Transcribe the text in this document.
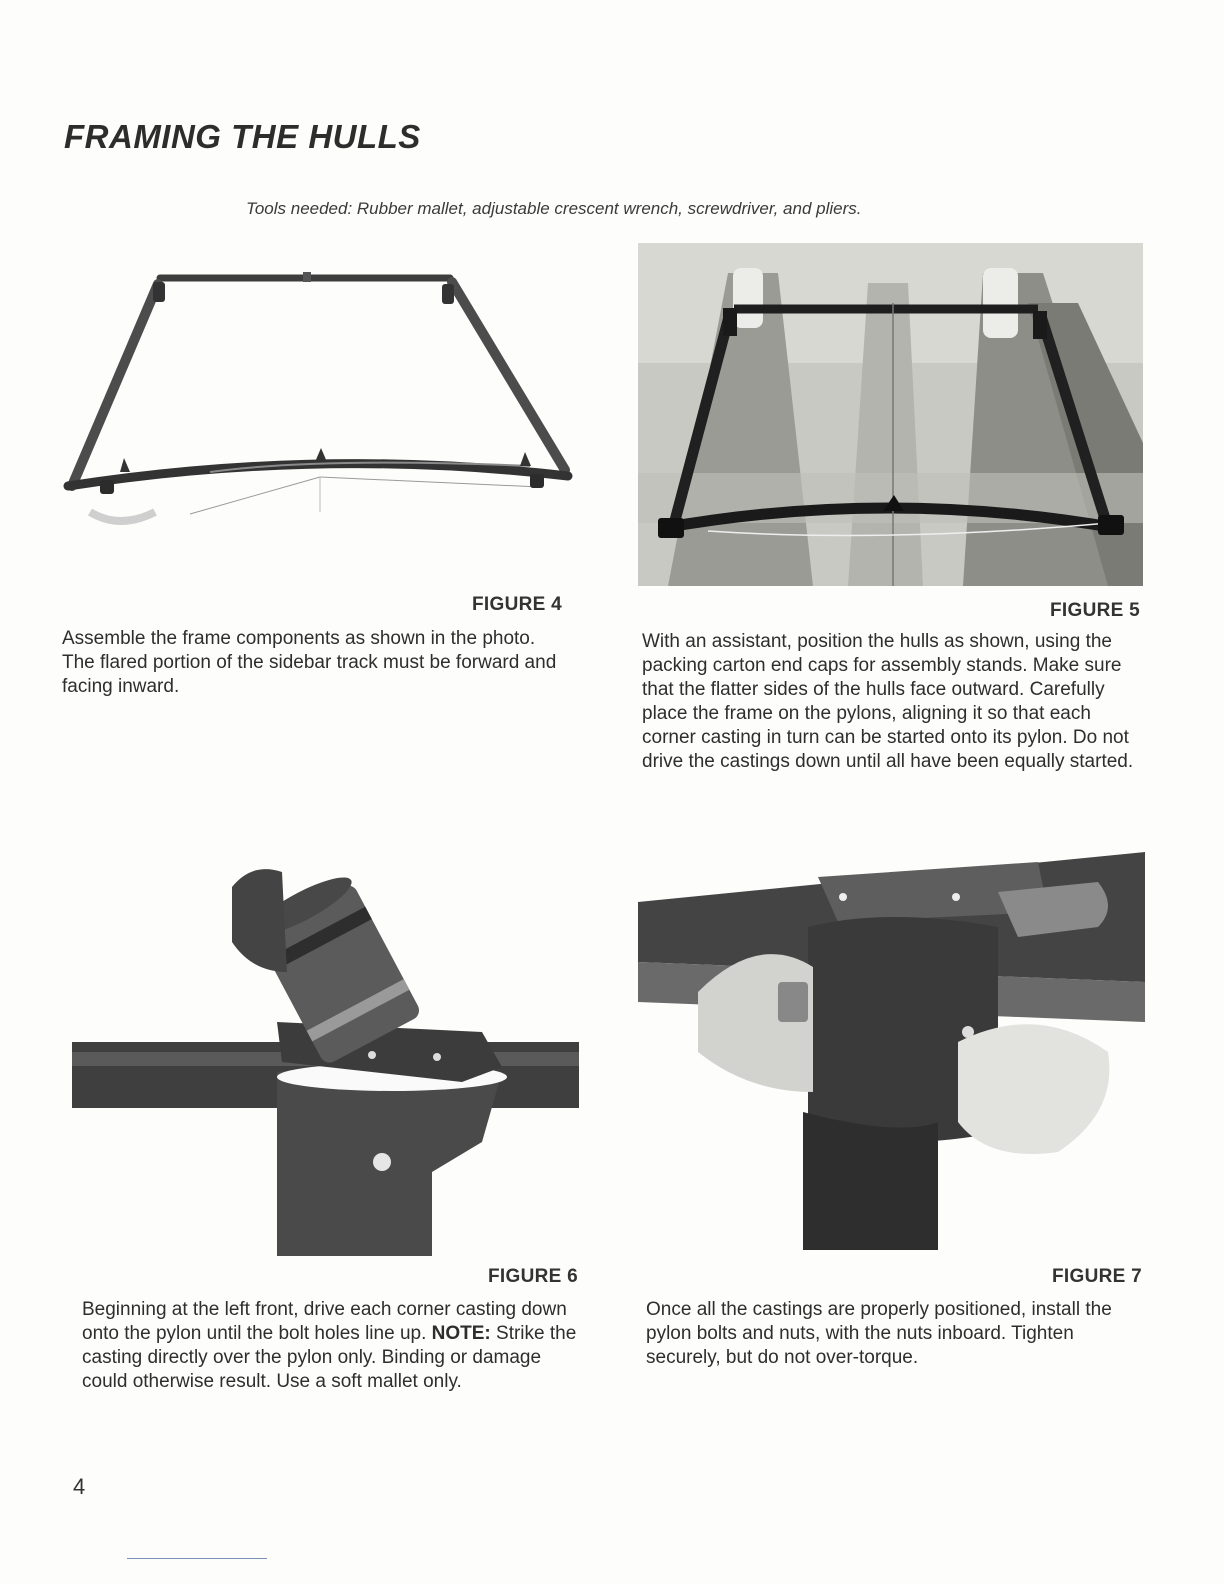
FRAMING THE HULLS
Tools needed: Rubber mallet, adjustable crescent wrench, screwdriver, and pliers.
FIGURE 4

Assemble the frame components as shown in the photo. The flared portion of the sidebar track must be forward and facing inward.

FIGURE 5

With an assistant, position the hulls as shown, using the packing carton end caps for assembly stands. Make sure that the flatter sides of the hulls face outward. Carefully place the frame on the pylons, aligning it so that each corner casting in turn can be started onto its pylon. Do not drive the castings down until all have been equally started.

FIGURE 6

Beginning at the left front, drive each corner casting down onto the pylon until the bolt holes line up. NOTE: Strike the casting directly over the pylon only. Binding or damage could otherwise result. Use a soft mallet only.

FIGURE 7

Once all the castings are properly positioned, install the pylon bolts and nuts, with the nuts inboard. Tighten securely, but do not over-torque.

4
